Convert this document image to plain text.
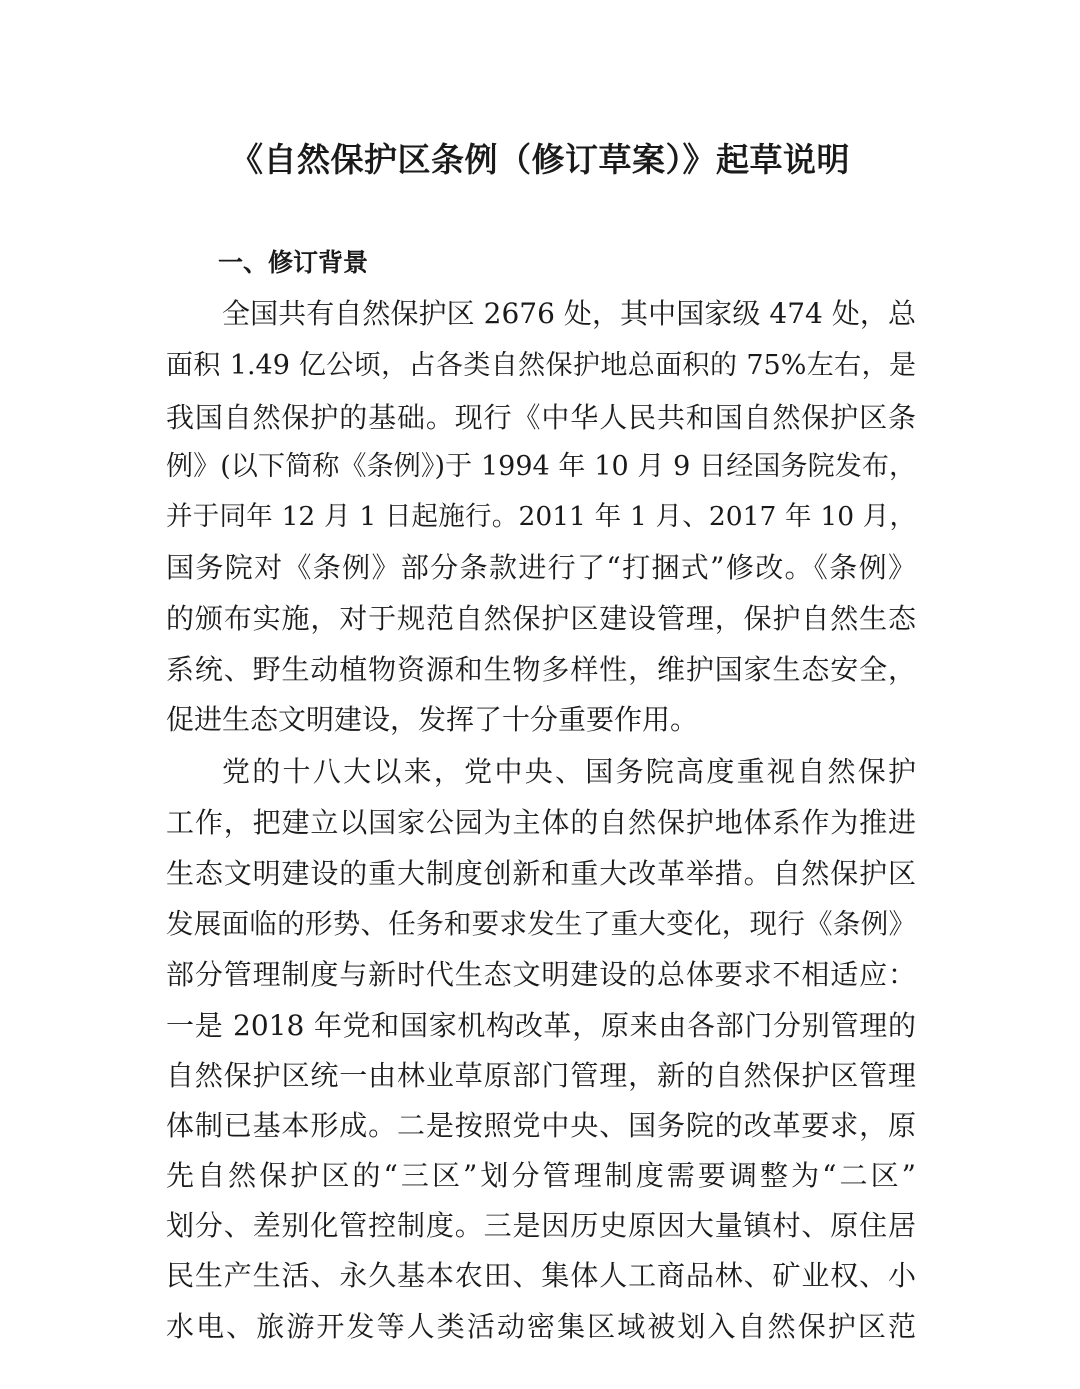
《自然保护区条例（修订草案）》起草说明
一、修订背景
全国共有自然保护区 2676 处，其中国家级 474 处，总
面积 1.49 亿公顷，占各类自然保护地总面积的 75%左右，是
我国自然保护的基础。现行《中华人民共和国自然保护区条
例》(以下简称《条例》)于 1994 年 10 月 9 日经国务院发布，
并于同年 12 月 1 日起施行。2011 年 1 月、2017 年 10 月，
国务院对《条例》部分条款进行了“打捆式”修改。《条例》
的颁布实施，对于规范自然保护区建设管理，保护自然生态
系统、野生动植物资源和生物多样性，维护国家生态安全，
促进生态文明建设，发挥了十分重要作用。
党的十八大以来，党中央、国务院高度重视自然保护
工作，把建立以国家公园为主体的自然保护地体系作为推进
生态文明建设的重大制度创新和重大改革举措。自然保护区
发展面临的形势、任务和要求发生了重大变化，现行《条例》
部分管理制度与新时代生态文明建设的总体要求不相适应：
一是 2018 年党和国家机构改革，原来由各部门分别管理的
自然保护区统一由林业草原部门管理，新的自然保护区管理
体制已基本形成。二是按照党中央、国务院的改革要求，原
先自然保护区的“三区”划分管理制度需要调整为“二区”
划分、差别化管控制度。三是因历史原因大量镇村、原住居
民生产生活、永久基本农田、集体人工商品林、矿业权、小
水电、旅游开发等人类活动密集区域被划入自然保护区范
